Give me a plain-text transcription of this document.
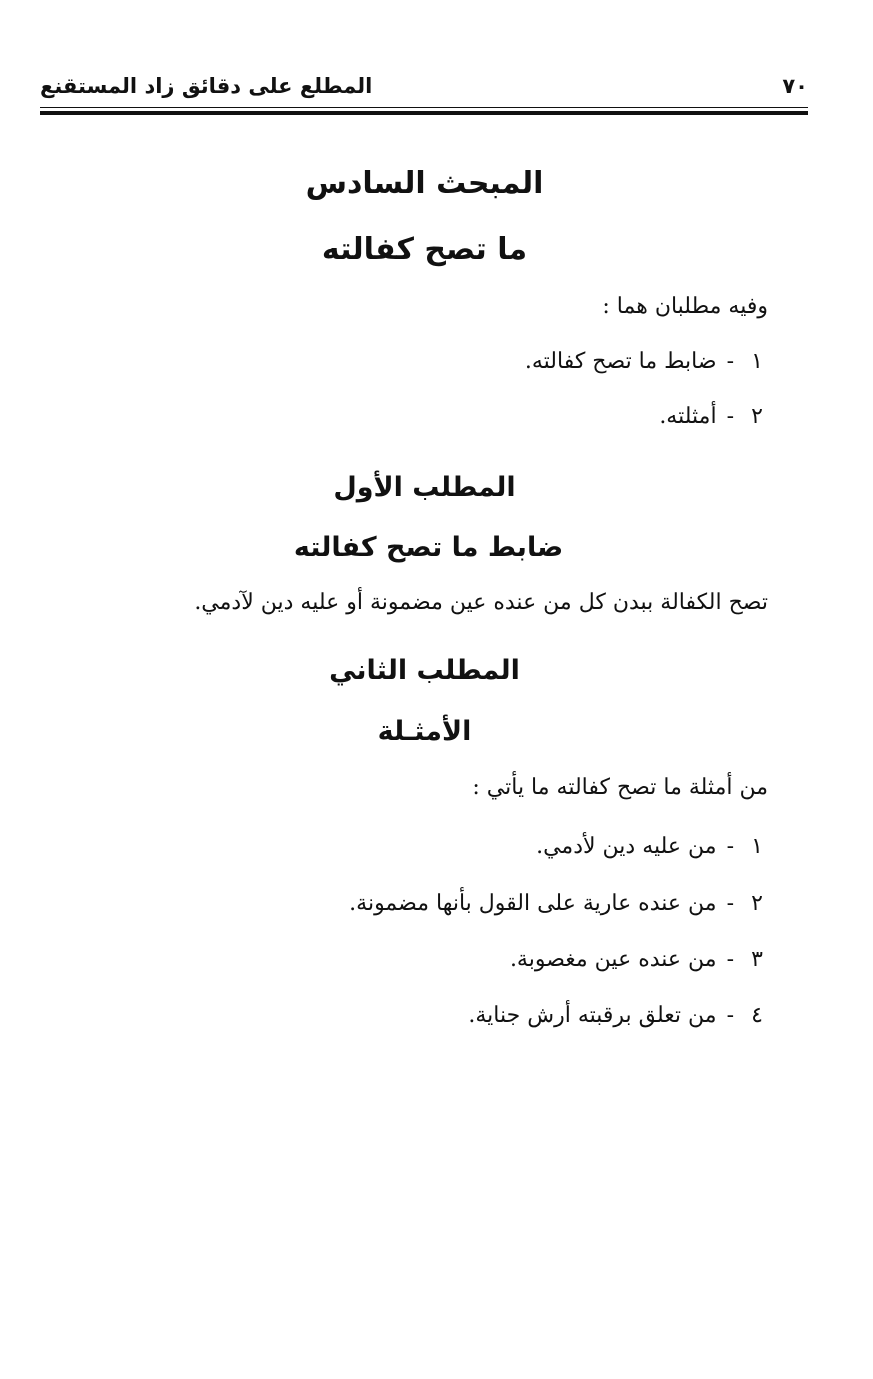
٧٠
المطلع على دقائق زاد المستقنع
المبحث السادس
ما تصح كفالته
وفيه مطلبان هما :
١-ضابط ما تصح كفالته.
٢-أمثلته.
المطلب الأول
ضابط ما تصح كفالته
تصح الكفالة ببدن كل من عنده عين مضمونة أو عليه دين لآدمي.
المطلب الثاني
الأمثـلة
من أمثلة ما تصح كفالته ما يأتي :
١-من عليه دين لأدمي.
٢-من عنده عارية على القول بأنها مضمونة.
٣-من عنده عين مغصوبة.
٤-من تعلق برقبته أرش جناية.
